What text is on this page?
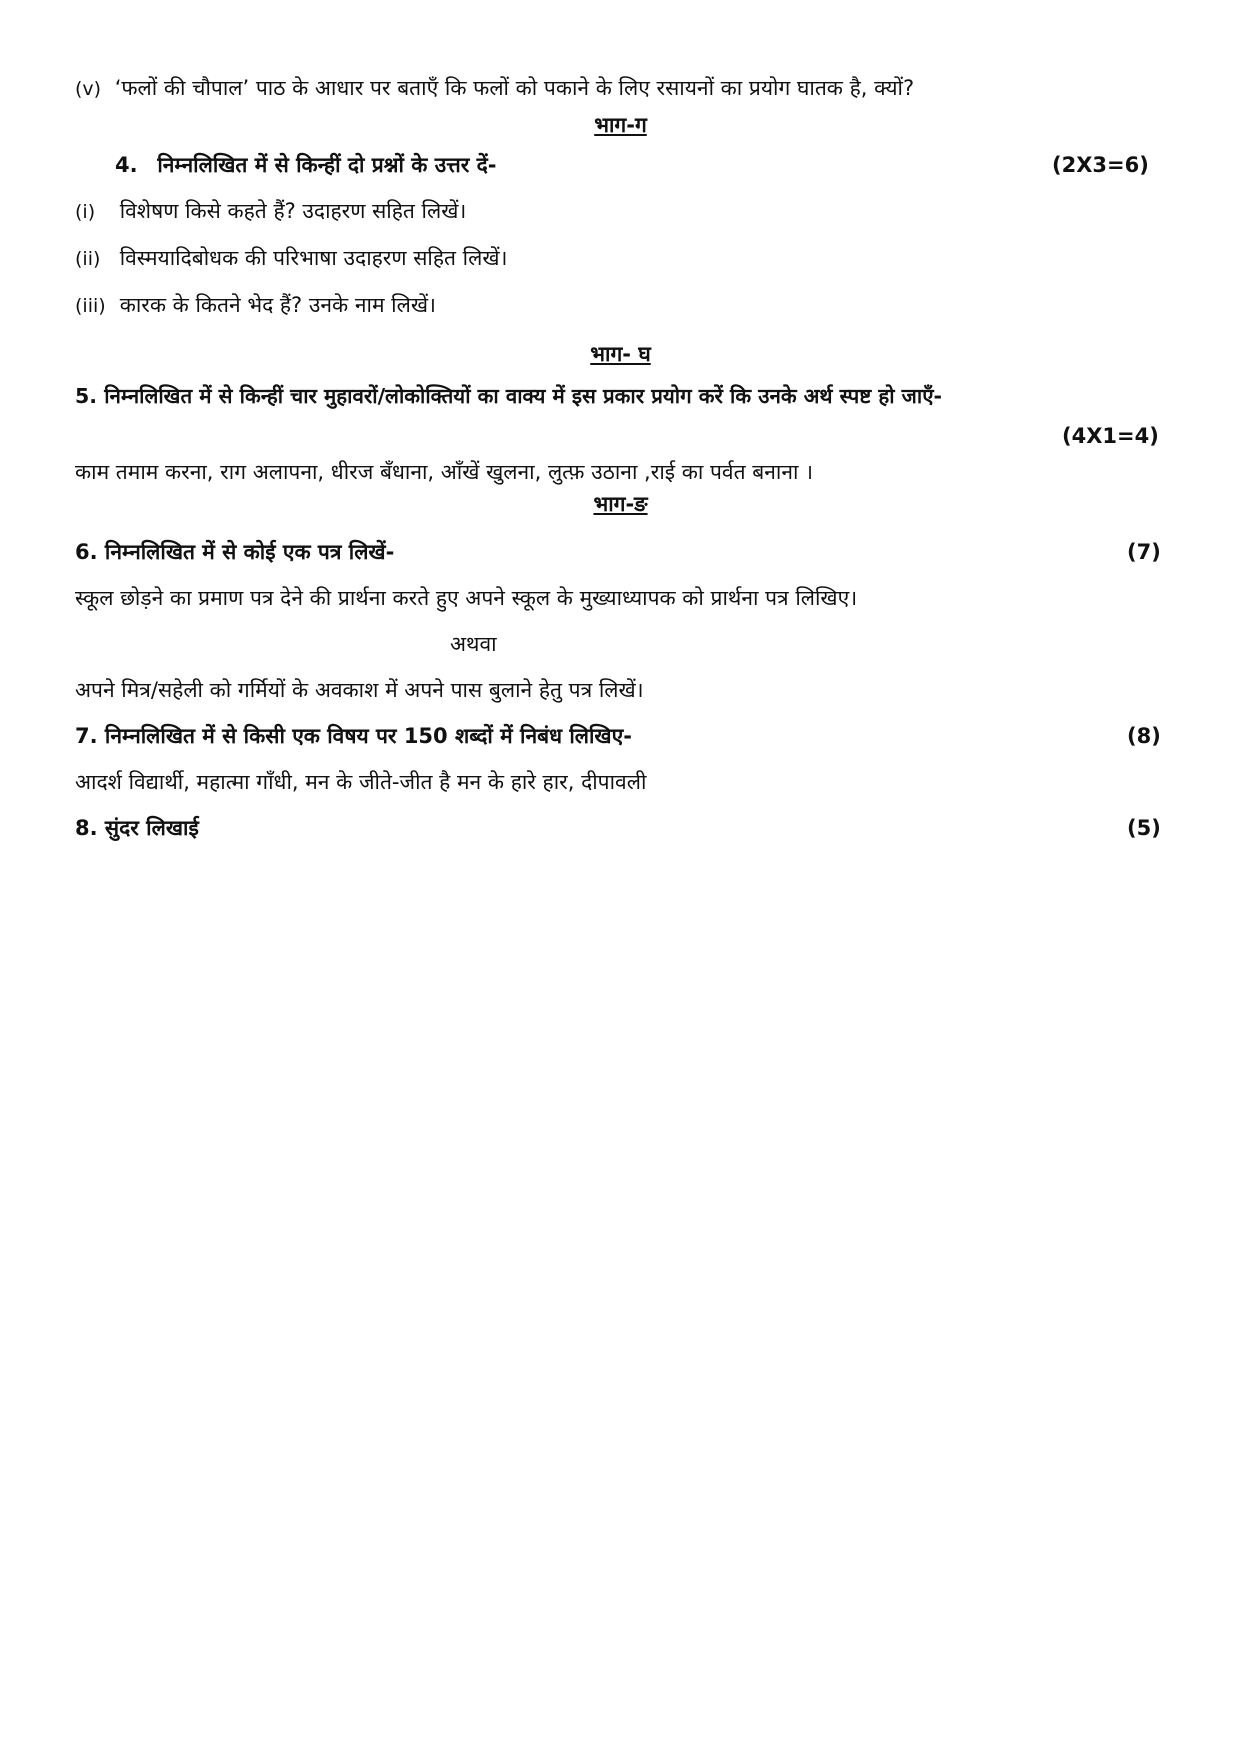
(v) ‘फलों की चौपाल’ पाठ के आधार पर बताएँ कि फलों को पकाने के लिए रसायनों का प्रयोग घातक है, क्यों?
भाग-ग
4. निम्नलिखित में से किन्हीं दो प्रश्नों के उत्तर दें-	(2X3=6)
(i) विशेषण किसे कहते हैं? उदाहरण सहित लिखें।
(ii) विस्मयादिबोधक की परिभाषा उदाहरण सहित लिखें।
(iii) कारक के कितने भेद हैं? उनके नाम लिखें।
भाग- घ
5. निम्नलिखित में से किन्हीं चार मुहावरों/लोकोक्तियों का वाक्य में इस प्रकार प्रयोग करें कि उनके अर्थ स्पष्ट हो जाएँ-
(4X1=4)
काम तमाम करना, राग अलापना, धीरज बँधाना, आँखें खुलना, लुत्फ़ उठाना ,राई का पर्वत बनाना ।
भाग-ङ
6. निम्नलिखित में से कोई एक पत्र लिखें-	(7)
स्कूल छोड़ने का प्रमाण पत्र देने की प्रार्थना करते हुए अपने स्कूल के मुख्याध्यापक को प्रार्थना पत्र लिखिए।
अथवा
अपने मित्र/सहेली को गर्मियों के अवकाश में अपने पास बुलाने हेतु पत्र लिखें।
7. निम्नलिखित में से किसी एक विषय पर 150 शब्दों में निबंध लिखिए-	(8)
आदर्श विद्यार्थी, महात्मा गाँधी, मन के जीते-जीत है मन के हारे हार, दीपावली
8. सुंदर लिखाई	(5)
